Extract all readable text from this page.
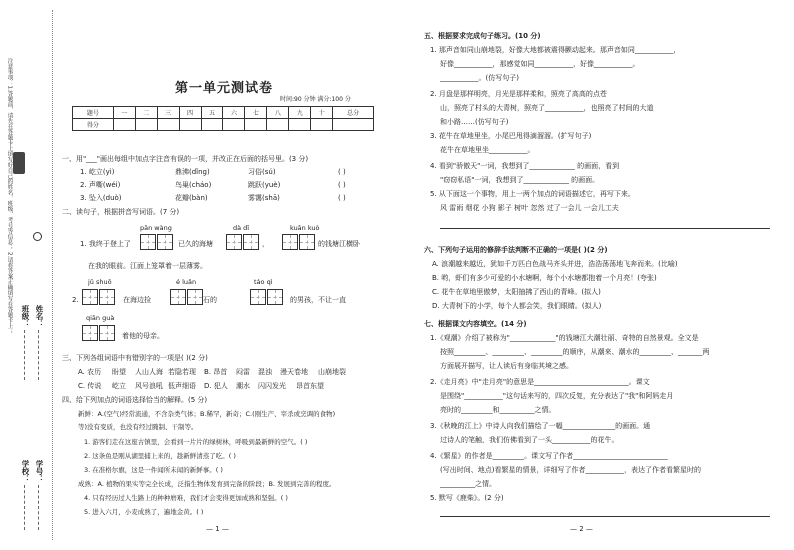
注意事项：1.答题前，请先在答题卡上填写好自己的姓名、班级、考号等信息； 2.请将答案正确填写在答题卡上； 班级： 姓名：
学校： 学号：
第一单元测试卷
时间:90 分钟 满分:100 分
题号	一	二	三	四	五	六	七	八	九	十	总分
得分											
一、用"___"画出每组中加点字注音有误的一项，并改正在后面的括号里。(3 分)
1. 屹立(yì)	鼎沸(dǐng)	习俗(sú)	( )
2. 声嘶(wéi)	鸟巢(cháo)	跳跃(yuè)	( )
3. 坠入(duò)	花瓣(bàn)	雾霭(shā)	( )
二、读句子，根据拼音写词语。(7 分)
pān wàng	dà dī	kuān kuò
1. 我终于登上了	已久的海塘	，	的钱塘江横卧
在我的眼前。江面上笼罩着一层薄雾。
jǔ shuō	é luǎn	táo qì
2.	在海边捡	石的	的男孩，不让一直
qiān guà
着他的母亲。
三、下列各组词语中有错别字的一项是( )(2 分)
A. 农历 盼望 人山人海 若隐若现 B. 昂首 闷雷 混浊 漫天卷地 山崩地裂
C. 传说 屹立 风号浪吼 低声细语 D. 犯人 潮水 闪闪发光 昂首东望
四、给下列加点的词语选择恰当的解释。(5 分)
新鲜：A.(空气)经常流通，不含杂类气体；B.稀罕，新奇；C.(刚生产、宰杀或烹调的食物)
等)没有变质，也没有经过腌制、干制等。
1. 游客们走在这座古镇里，会看到一片片的绿树林，呼吸到最新鲜的空气。( )
2. 这条鱼是刚从湖里捕上来的，趁新鲜清蒸了吃。( )
3. 在准格尔旗，这是一件闻所未闻的新鲜事。( )
成熟：A. 植物的果实等完全长成，泛指生物体发育到完备的阶段；B. 发展到完善的程度。
4. 只有经历过人生路上的种种磨难，我们才会变得更加成熟和坚强。( )
5. 进入六月，小麦成熟了，遍地金黄。( )
— 1 —
五、根据要求完成句子练习。(10 分)
1. 那声音如同山崩地裂，好像大地都被震得颤动起来。那声音如同___________，
好像___________，那感觉如同___________，好像___________。
___________。(仿写句子)
2. 月盘是那样明亮，月光是那样柔和，照亮了高高的点苍
山，照亮了村头的大青树，照亮了___________，也照亮了村间的大道
和小路……(仿写句子)
3. 花牛在草地里坐，小尾巴甩得滴溜溜。(扩写句子)
花牛在草地里坐___________。
4. 看到"骄傲天"一词，我想到了_____________ 的画面，看到
"窃窃私语"一词，我想到了_____________ 的画面。
5. 从下面这一个事物，用上一两个加点的词语描述它，再写下来。
风 雷雨 烟花 小狗 影子 树叶 忽然 过了一会儿 一会儿工夫
六、下列句子运用的修辞手法判断不正确的一项是( )(2 分)
A. 浪潮越来越近，犹如千万匹白色战马齐头并进，浩浩荡荡地飞奔而来。(比喻)
B. 哟，虾们有多少可爱的小水塘啊，每个小水塘都抱着一个月亮！(夸张)
C. 花牛在草地里傲梦，太阳抽拂了西山的青峰。(拟人)
D. 大青树下的小学，每个人都会笑，我们眼睛。(拟人)
七、根据课文内容填空。(14 分)
1.《观潮》介绍了被称为"_____________"的钱塘江大潮壮丽、奇特的自然景观。全文是
按照_________、_________、_________的顺序，从潮来、潮水的_________、_______两
方面展开描写，让人读后有身临其境之感。
2.《走月亮》中"走月亮"的意思是___________________________。课文
是围绕"___________"这句话来写的，四次反复，充分表达了"我"和阿妈走月
亮时的_________和__________之情。
3.《秋晚的江上》中诗人向我们描绘了一幅_______________的画面。通
过诗人的笔触，我们仿佛看到了一头___________的花牛。
4.《繁星》的作者是_________。课文写了作者___________________________
(写出时间、地点)看繁星的情景，详细写了作者___________，表达了作者看繁星时的
__________之情。
5. 默写《鹿柴》。(2 分)
— 2 —
